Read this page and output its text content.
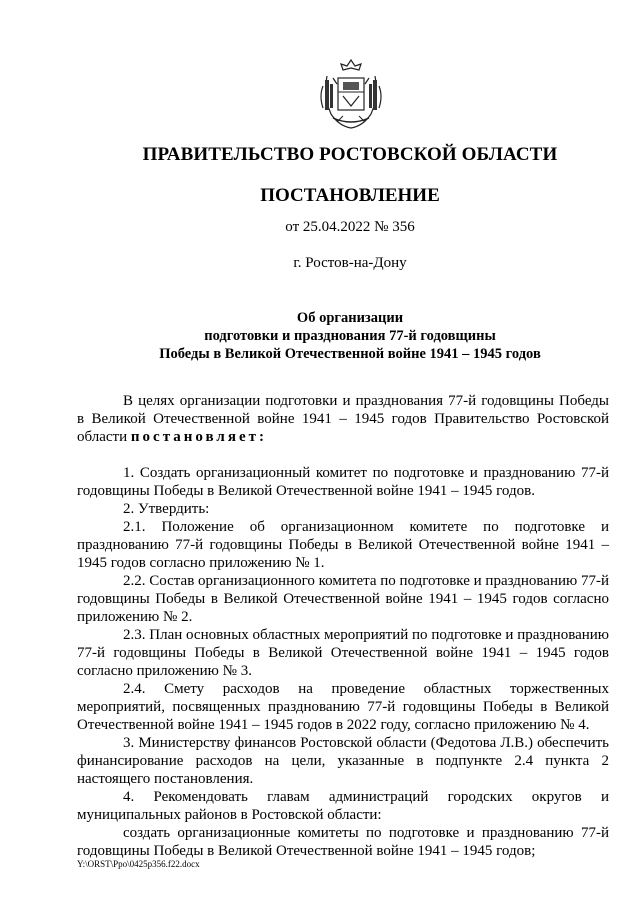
ПРАВИТЕЛЬСТВО РОСТОВСКОЙ ОБЛАСТИ
ПОСТАНОВЛЕНИЕ
от 25.04.2022 № 356
г. Ростов-на-Дону
Об организации
подготовки и празднования 77-й годовщины
Победы в Великой Отечественной войне 1941 – 1945 годов

В целях организации подготовки и празднования 77-й годовщины Победы в Великой Отечественной войне 1941 – 1945 годов Правительство Ростовской области постановляет:

1. Создать организационный комитет по подготовке и празднованию 77-й годовщины Победы в Великой Отечественной войне 1941 – 1945 годов.

2. Утвердить:

2.1. Положение об организационном комитете по подготовке и празднованию 77-й годовщины Победы в Великой Отечественной войне 1941 – 1945 годов согласно приложению № 1.

2.2. Состав организационного комитета по подготовке и празднованию 77-й годовщины Победы в Великой Отечественной войне 1941 – 1945 годов согласно приложению № 2.

2.3. План основных областных мероприятий по подготовке и празднованию 77-й годовщины Победы в Великой Отечественной войне 1941 – 1945 годов согласно приложению № 3.

2.4. Смету расходов на проведение областных торжественных мероприятий, посвященных празднованию 77-й годовщины Победы в Великой Отечественной войне 1941 – 1945 годов в 2022 году, согласно приложению № 4.

3. Министерству финансов Ростовской области (Федотова Л.В.) обеспечить финансирование расходов на цели, указанные в подпункте 2.4 пункта 2 настоящего постановления.

4. Рекомендовать главам администраций городских округов и муниципальных районов в Ростовской области:

создать организационные комитеты по подготовке и празднованию 77-й годовщины Победы в Великой Отечественной войне 1941 – 1945 годов;

Y:\ORST\Ppo\0425p356.f22.docx
